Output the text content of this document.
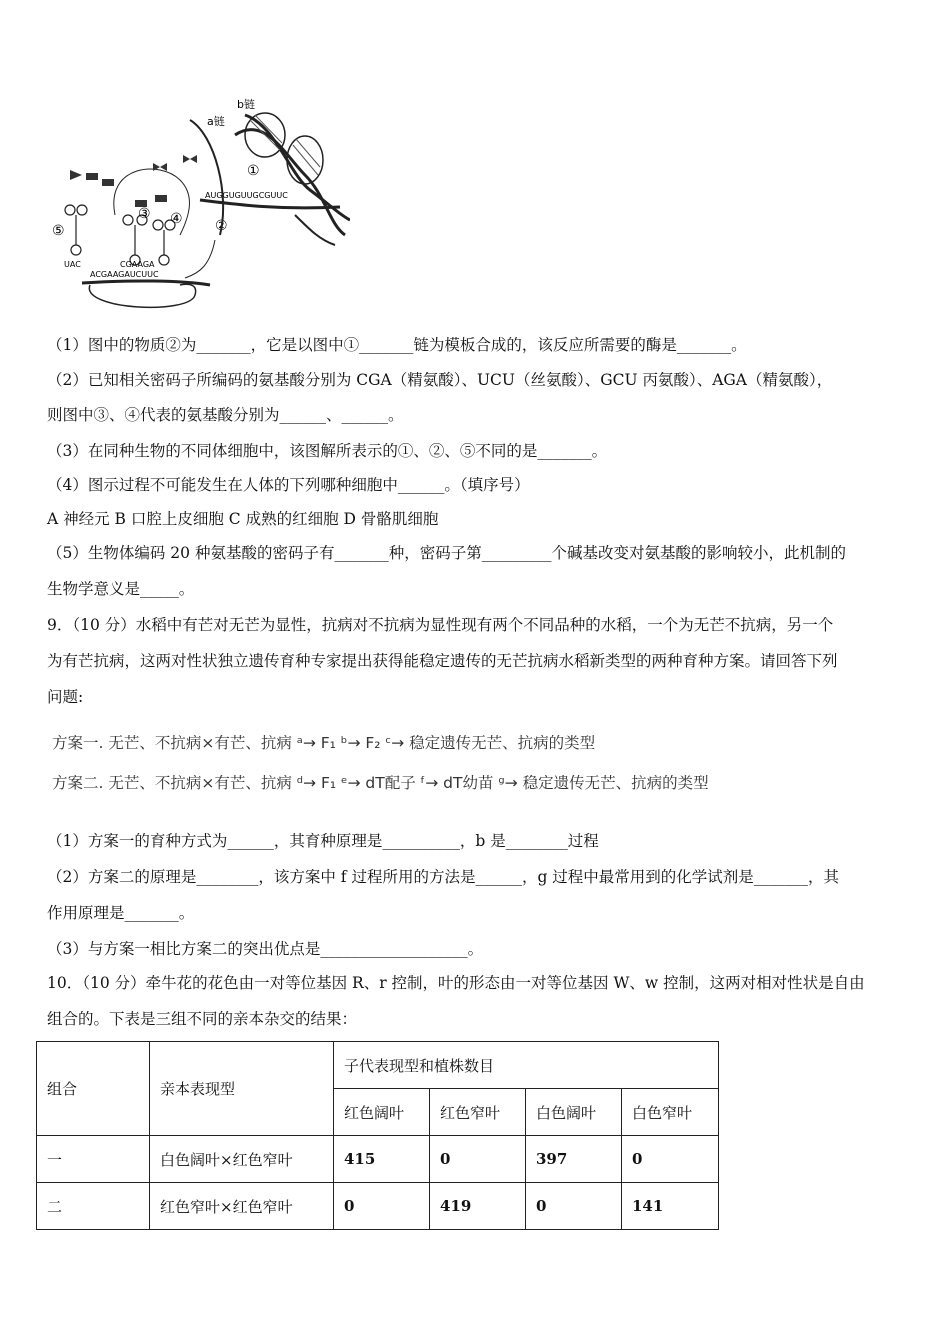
b链
a链
①
AUGGUGUUGCGUUC
②
⑤
UAC
③ ④
CGAAGA
ACGAAGAUCUUC
（1）图中的物质②为_______，它是以图中①_______链为模板合成的，该反应所需要的酶是_______。
（2）已知相关密码子所编码的氨基酸分别为 CGA（精氨酸）、UCU（丝氨酸）、GCU 丙氨酸）、AGA（精氨酸），
则图中③、④代表的氨基酸分别为______、______。
（3）在同种生物的不同体细胞中，该图解所表示的①、②、⑤不同的是_______。
（4）图示过程不可能发生在人体的下列哪种细胞中______。（填序号）
A 神经元 B 口腔上皮细胞 C 成熟的红细胞 D 骨骼肌细胞
（5）生物体编码 20 种氨基酸的密码子有_______种，密码子第_________个碱基改变对氨基酸的影响较小，此机制的
生物学意义是_____。
9．（10 分）水稻中有芒对无芒为显性，抗病对不抗病为显性现有两个不同品种的水稻，一个为无芒不抗病，另一个
为有芒抗病，这两对性状独立遗传育种专家提出获得能稳定遗传的无芒抗病水稻新类型的两种育种方案。请回答下列
问题:
方案一. 无芒、不抗病×有芒、抗病 ᵃ→ F₁ ᵇ→ F₂ ᶜ→ 稳定遗传无芒、抗病的类型
方案二. 无芒、不抗病×有芒、抗病 ᵈ→ F₁ ᵉ→ dT配子 ᶠ→ dT幼苗 ᵍ→ 稳定遗传无芒、抗病的类型
（1）方案一的育种方式为______，其育种原理是__________，b 是________过程
（2）方案二的原理是________，该方案中 f 过程所用的方法是______，g 过程中最常用到的化学试剂是_______，其
作用原理是_______。
（3）与方案一相比方案二的突出优点是___________________。
10．（10 分）牵牛花的花色由一对等位基因 R、r 控制，叶的形态由一对等位基因 W、w 控制，这两对相对性状是自由
组合的。下表是三组不同的亲本杂交的结果：
组合	亲本表现型	子代表现型和植株数目			
		红色阔叶	红色窄叶	白色阔叶	白色窄叶
一	白色阔叶×红色窄叶	415	0	397	0
二	红色窄叶×红色窄叶	0	419	0	141
